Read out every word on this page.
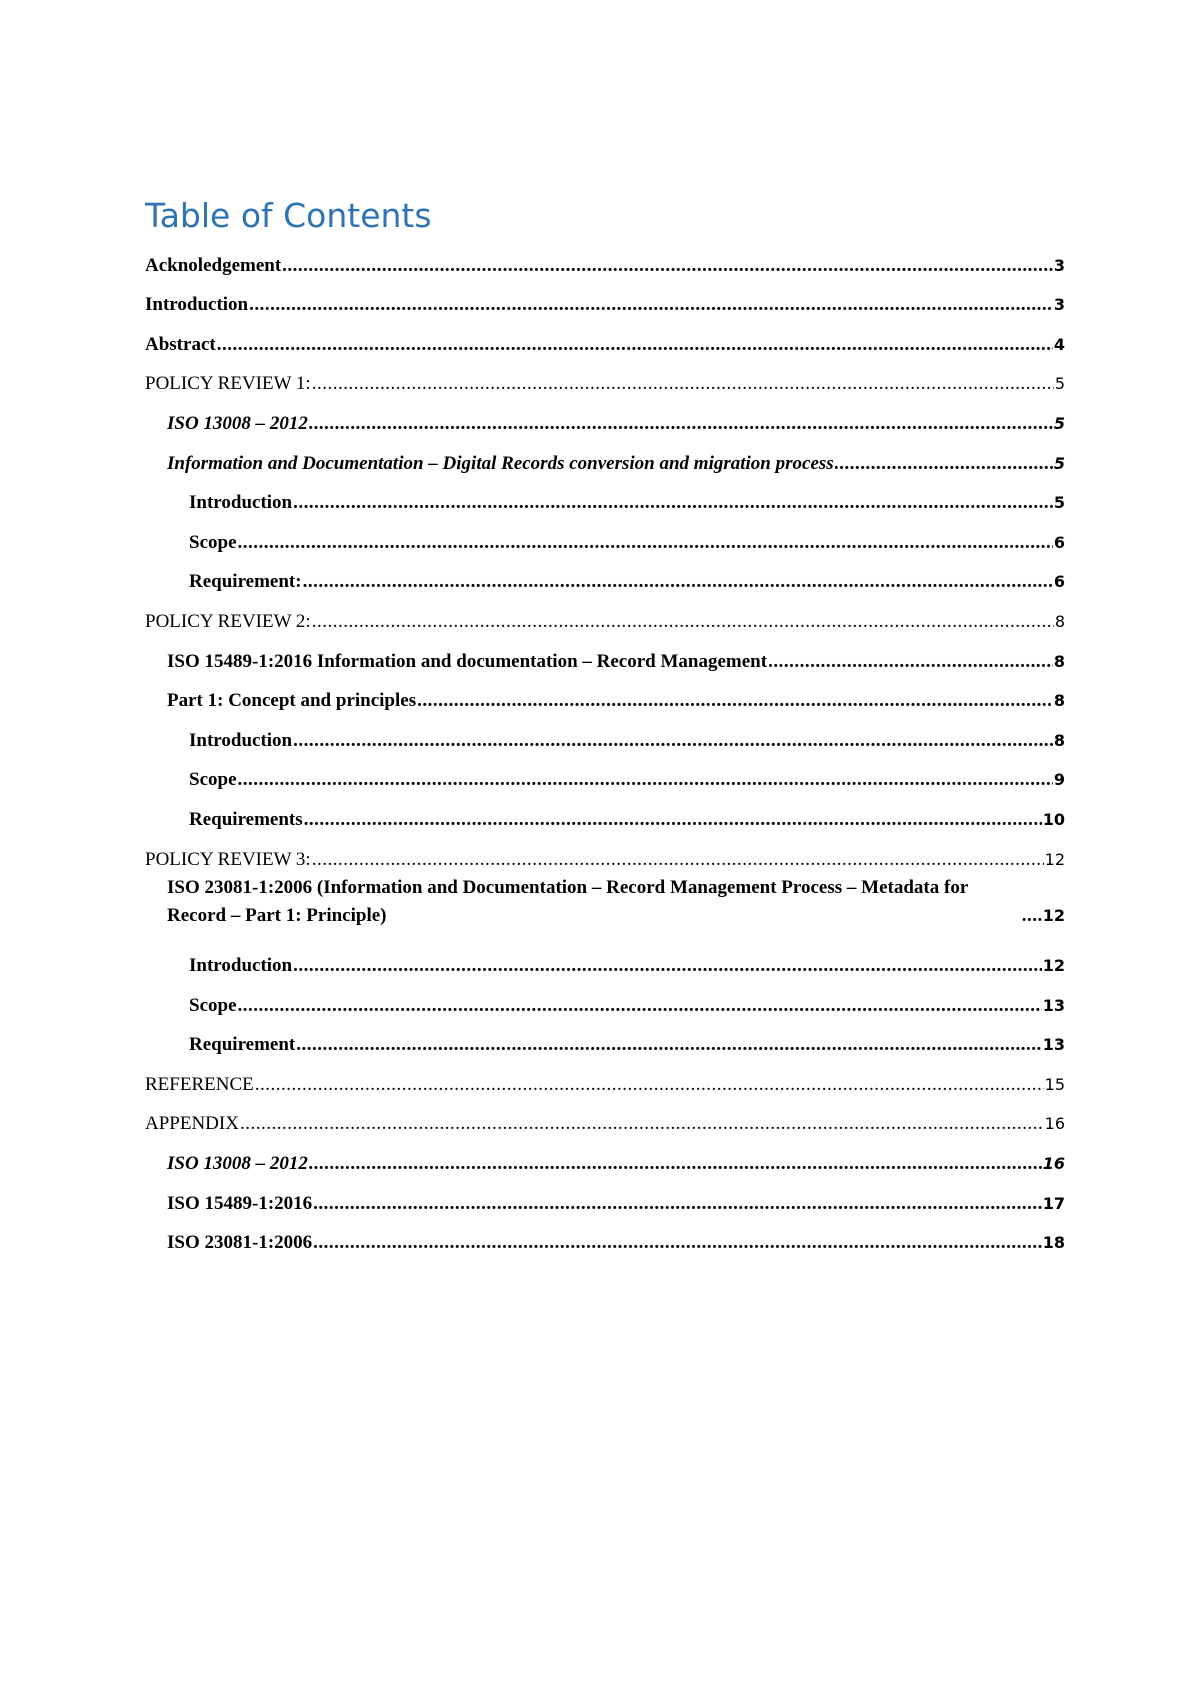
Table of Contents
Acknoledgement .....	3
Introduction .....	3
Abstract .....	4
POLICY REVIEW 1: .....	5
ISO 13008 – 2012 .....	5
Information and Documentation – Digital Records conversion and migration process .....	5
Introduction .....	5
Scope .....	6
Requirement: .....	6
POLICY REVIEW 2: .....	8
ISO 15489-1:2016 Information and documentation – Record Management .....	8
Part 1: Concept and principles .....	8
Introduction .....	8
Scope .....	9
Requirements .....	10
POLICY REVIEW 3: .....	12
ISO 23081-1:2006 (Information and Documentation – Record Management Process – Metadata for Record – Part 1: Principle) .....	12
Introduction .....	12
Scope .....	13
Requirement .....	13
REFERENCE .....	15
APPENDIX .....	16
ISO 13008 – 2012 .....	16
ISO 15489-1:2016 .....	17
ISO 23081-1:2006 .....	18
